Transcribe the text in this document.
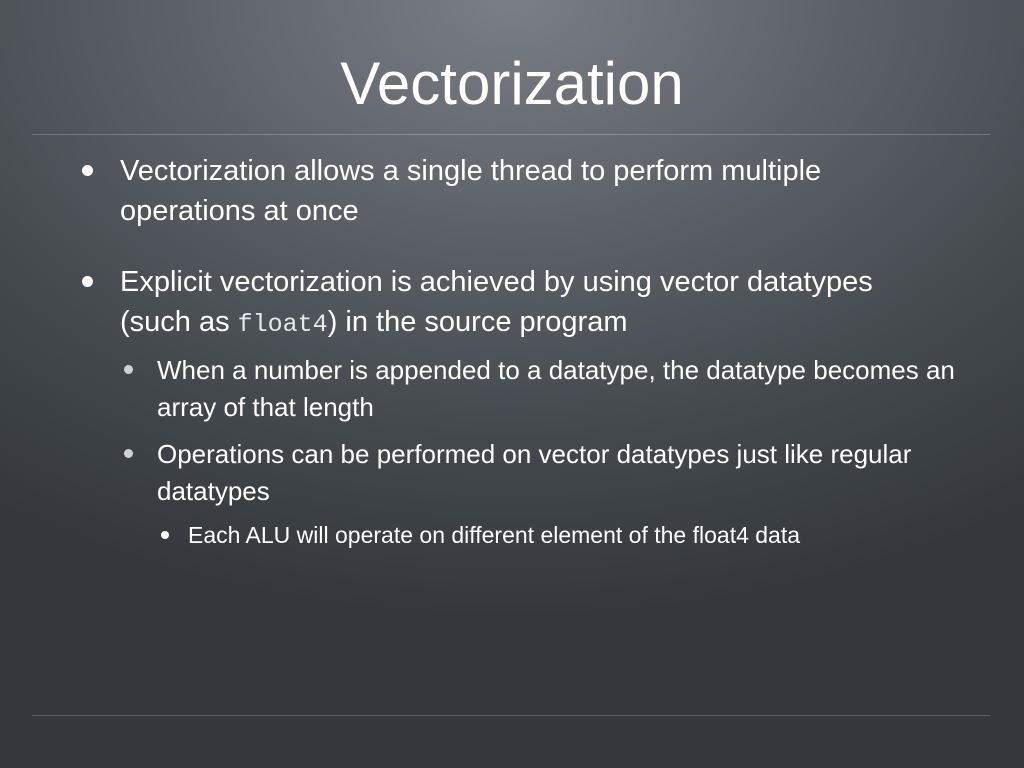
Vectorization

Vectorization allows a single thread to perform multiple operations at once

Explicit vectorization is achieved by using vector datatypes (such as float4) in the source program

When a number is appended to a datatype, the datatype becomes an array of that length

Operations can be performed on vector datatypes just like regular datatypes

Each ALU will operate on different element of the float4 data
